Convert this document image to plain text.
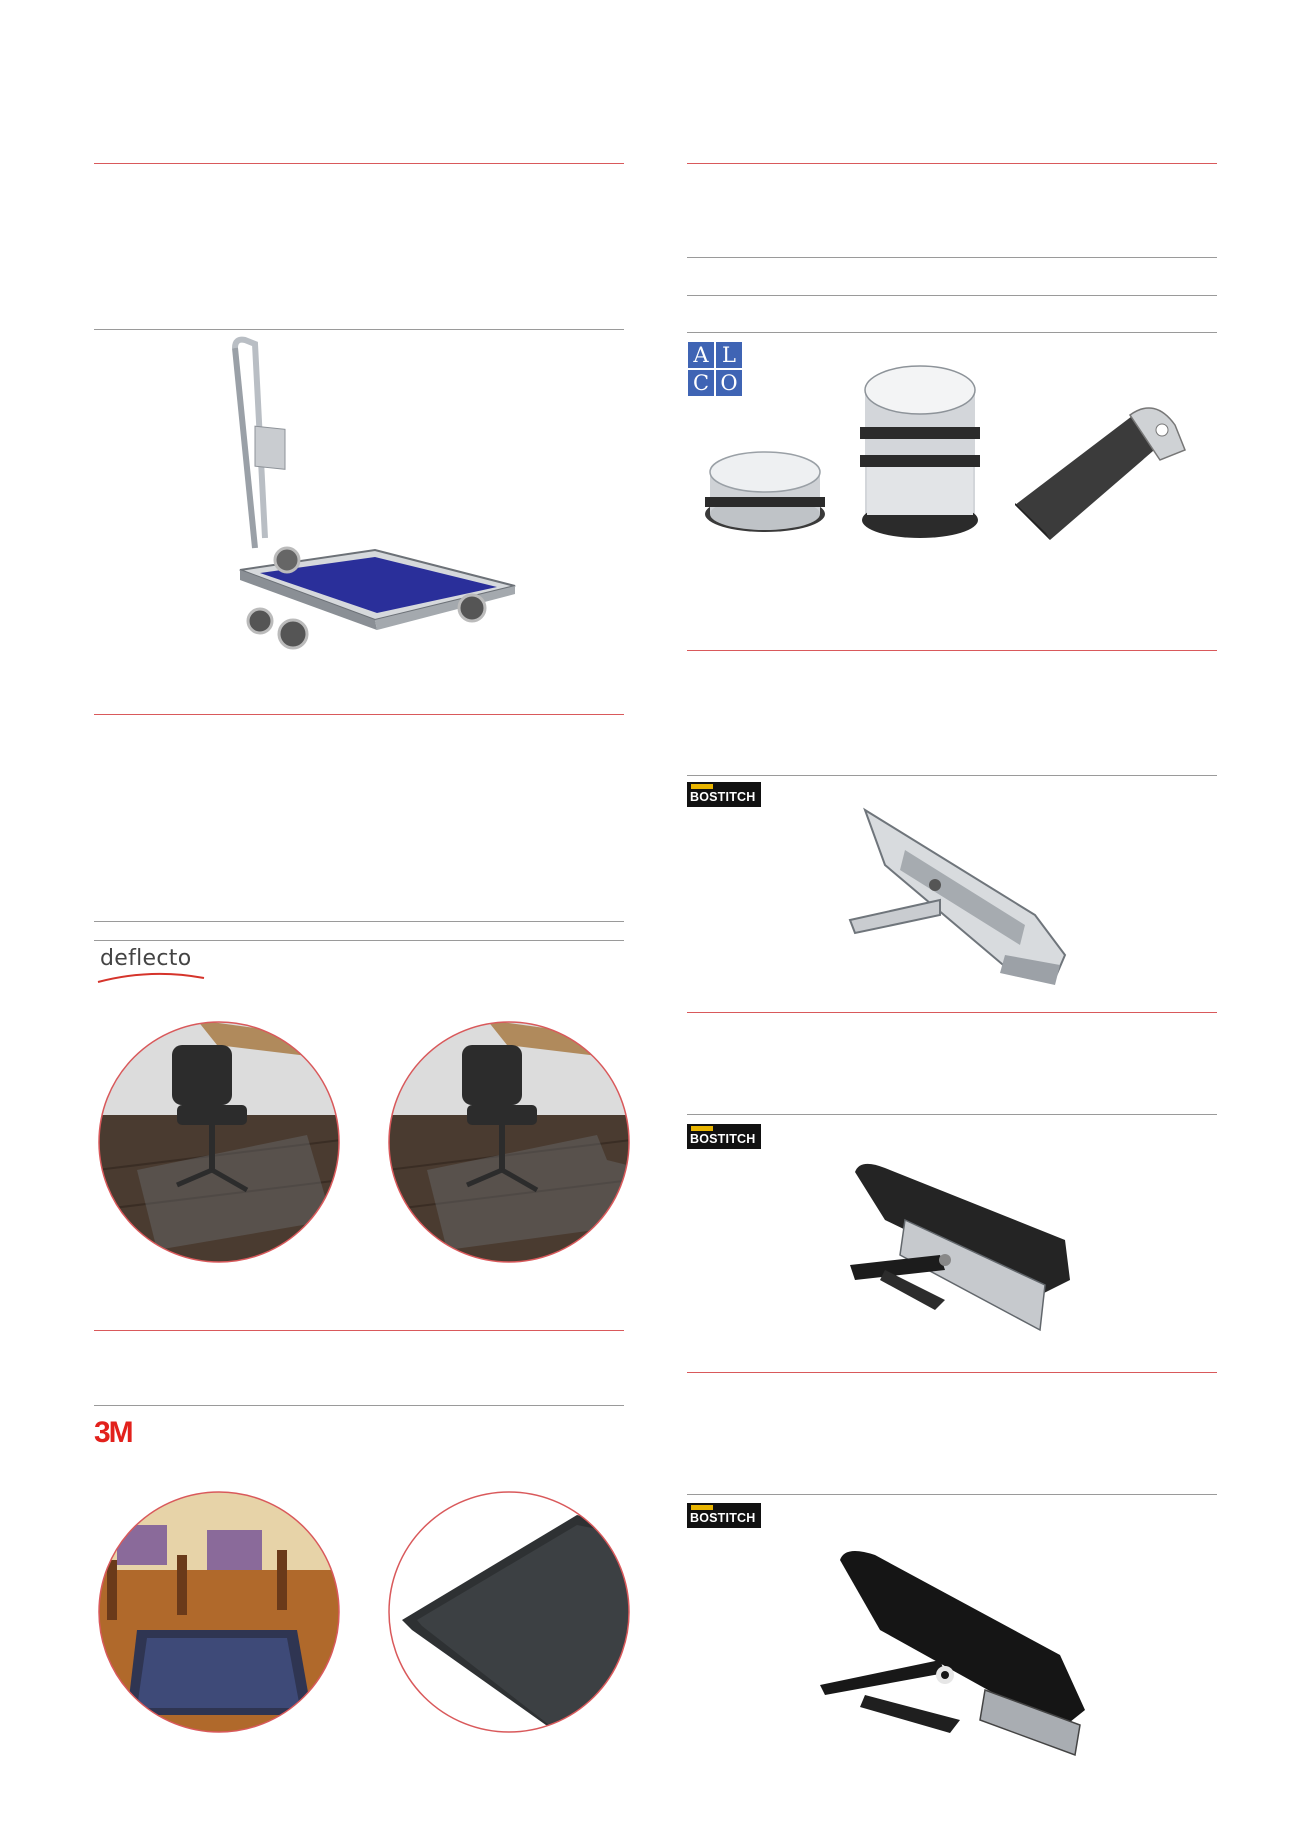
A L
C O
BOSTITCH
BOSTITCH
BOSTITCH
deflecto
3M
